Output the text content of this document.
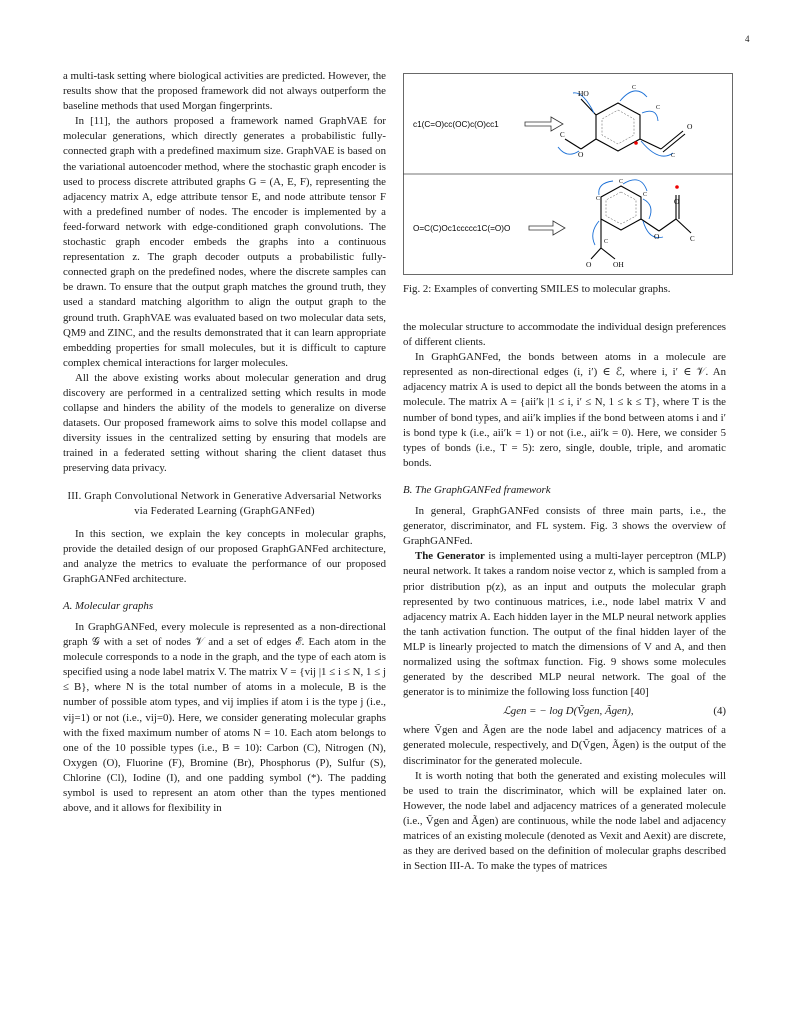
4

a multi-task setting where biological activities are predicted. However, the results show that the proposed framework did not always outperform the baseline methods that used Morgan fingerprints.

In [11], the authors proposed a framework named GraphVAE for molecular generations, which directly generates a probabilistic fully-connected graph with a predefined maximum size. GraphVAE is based on the variational autoencoder method, where the stochastic graph encoder is used to process discrete attributed graphs G = (A, E, F), representing the adjacency matrix A, edge attribute tensor E, and node attribute tensor F with a predefined number of nodes. The encoder is implemented by a feed-forward network with edge-conditioned graph convolutions. The stochastic graph encoder embeds the graphs into a continuous representation z. The graph decoder outputs a probabilistic fully-connected graph on the predefined nodes, where the discrete samples can be drawn. To ensure that the output graph matches the ground truth, they used a standard matching algorithm to align the output graph to the ground truth. GraphVAE was evaluated based on two molecular data sets, QM9 and ZINC, and the results demonstrated that it can learn appropriate embedding properties for small molecules, but it is difficult to capture complex chemical interactions for larger molecules.

All the above existing works about molecular generation and drug discovery are performed in a centralized setting which results in mode collapse and hinders the ability of the models to generalize on diverse datasets. Our proposed framework aims to solve this model collapse and diversity issues in the centralized setting by ensuring that models are trained in a federated setting without sharing the client dataset thus preserving data privacy.

III. Graph Convolutional Network in Generative Adversarial Networks via Federated Learning (GraphGANFed)

In this section, we explain the key concepts in molecular graphs, provide the detailed design of our proposed GraphGANFed architecture, and analyze the metrics to evaluate the performance of our proposed GraphGANFed architecture.

A. Molecular graphs

In GraphGANFed, every molecule is represented as a non-directional graph 𝒢 with a set of nodes 𝒱 and a set of edges ℰ. Each atom in the molecule corresponds to a node in the graph, and the type of each atom is specified using a node label matrix V. The matrix V = {vij |1 ≤ i ≤ N, 1 ≤ j ≤ B}, where N is the total number of atoms in a molecule, B is the number of possible atom types, and vij implies if atom i is the type j (i.e., vij=1) or not (i.e., vij=0). Here, we consider generating molecular graphs with the fixed maximum number of atoms N = 10. Each atom belongs to one of the 10 possible types (i.e., B = 10): Carbon (C), Nitrogen (N), Oxygen (O), Fluorine (F), Bromine (Br), Phosphorus (P), Sulfur (S), Chlorine (Cl), Iodine (I), and one padding symbol (*). The padding symbol is used to represent an atom other than the types mentioned above, and it allows for flexibility in

c1(C=O)cc(OC)c(O)cc1
HO
O
O
C
C
C
C
O=C(C)Oc1ccccc1C(=O)O
O	OH
O
O
C
C
C
C
C
Fig. 2: Examples of converting SMILES to molecular graphs.

the molecular structure to accommodate the individual design preferences of different clients.

In GraphGANFed, the bonds between atoms in a molecule are represented as non-directional edges (i, i′) ∈ ℰ, where i, i′ ∈ 𝒱. An adjacency matrix A is used to depict all the bonds between the atoms in a molecule. The matrix A = {aii′k |1 ≤ i, i′ ≤ N, 1 ≤ k ≤ T}, where T is the number of bond types, and aii′k implies if the bond between atoms i and i′ is bond type k (i.e., aii′k = 1) or not (i.e., aii′k = 0). Here, we consider 5 types of bonds (i.e., T = 5): zero, single, double, triple, and aromatic bonds.

B. The GraphGANFed framework

In general, GraphGANFed consists of three main parts, i.e., the generator, discriminator, and FL system. Fig. 3 shows the overview of GraphGANFed.

The Generator is implemented using a multi-layer perceptron (MLP) neural network. It takes a random noise vector z, which is sampled from a prior distribution p(z), as an input and outputs the molecular graph represented by two continuous matrices, i.e., node label matrix V and adjacency matrix A. Each hidden layer in the MLP neural network applies the tanh activation function. The output of the final hidden layer of the MLP is linearly projected to match the dimensions of V and A, and then normalized using the softmax function. Fig. 9 shows some molecules generated by the described MLP neural network. The goal of the generator is to minimize the following loss function [40]

ℒgen = − log D(Ṽgen, Ãgen),	(4)

where Ṽgen and Ãgen are the node label and adjacency matrices of a generated molecule, respectively, and D(Ṽgen, Ãgen) is the output of the discriminator for the generated molecule.

It is worth noting that both the generated and existing molecules will be used to train the discriminator, which will be explained later on. However, the node label and adjacency matrices of a generated molecule (i.e., Ṽgen and Ãgen) are continuous, while the node label and adjacency matrices of an existing molecule (denoted as Vexit and Aexit) are discrete, as they are derived based on the definition of molecular graphs described in Section III-A. To make the types of matrices
